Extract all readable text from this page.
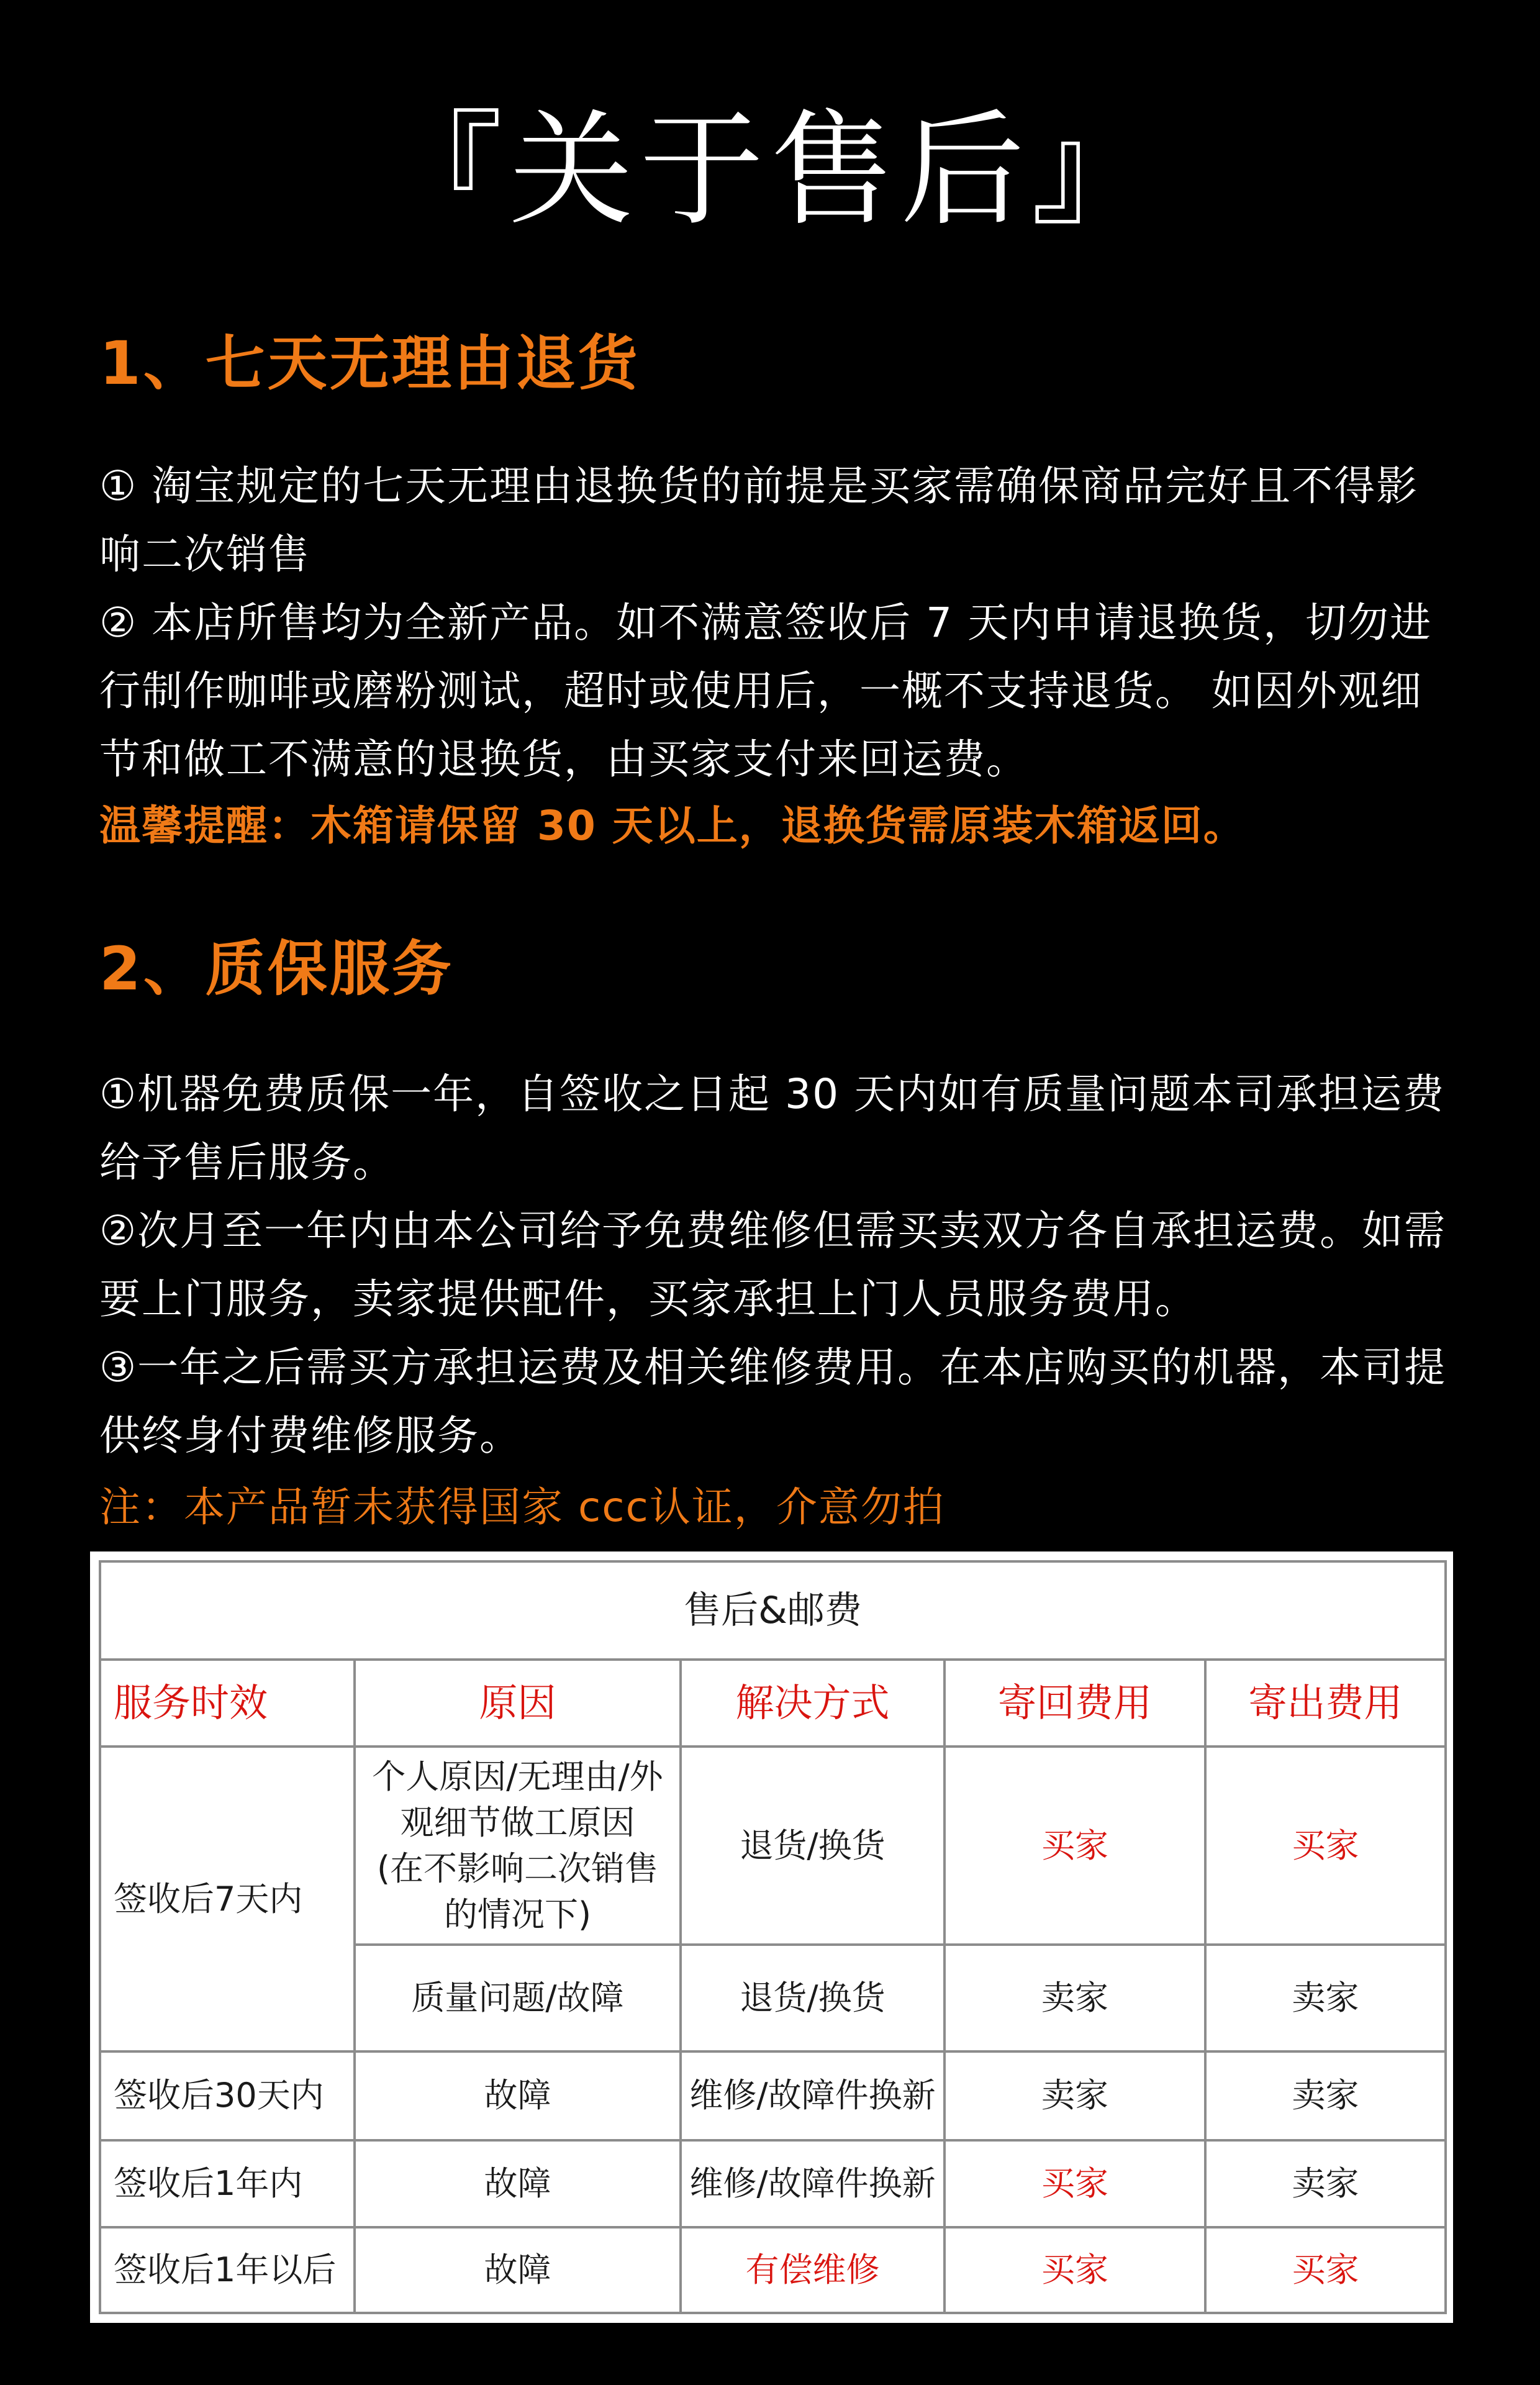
『关于售后』
1、七天无理由退货

① 淘宝规定的七天无理由退换货的前提是买家需确保商品完好且不得影响二次销售

② 本店所售均为全新产品。如不满意签收后 7 天内申请退换货，切勿进行制作咖啡或磨粉测试，超时或使用后，一概不支持退货。 如因外观细节和做工不满意的退换货，由买家支付来回运费。

温馨提醒：木箱请保留 30 天以上，退换货需原装木箱返回。
2、质保服务

①机器免费质保一年，自签收之日起 30 天内如有质量问题本司承担运费给予售后服务。

②次月至一年内由本公司给予免费维修但需买卖双方各自承担运费。如需要上门服务，卖家提供配件，买家承担上门人员服务费用。

③一年之后需买方承担运费及相关维修费用。在本店购买的机器，本司提供终身付费维修服务。

注：本产品暂未获得国家 ccc认证，介意勿拍
售后&邮费				
服务时效	原因	解决方式	寄回费用	寄出费用
签收后7天内	个人原因/无理由/外
观细节做工原因
(在不影响二次销售
的情况下)	退货/换货	买家	买家
	质量问题/故障	退货/换货	卖家	卖家
签收后30天内	故障	维修/故障件换新	卖家	卖家
签收后1年内	故障	维修/故障件换新	买家	卖家
签收后1年以后	故障	有偿维修	买家	买家
